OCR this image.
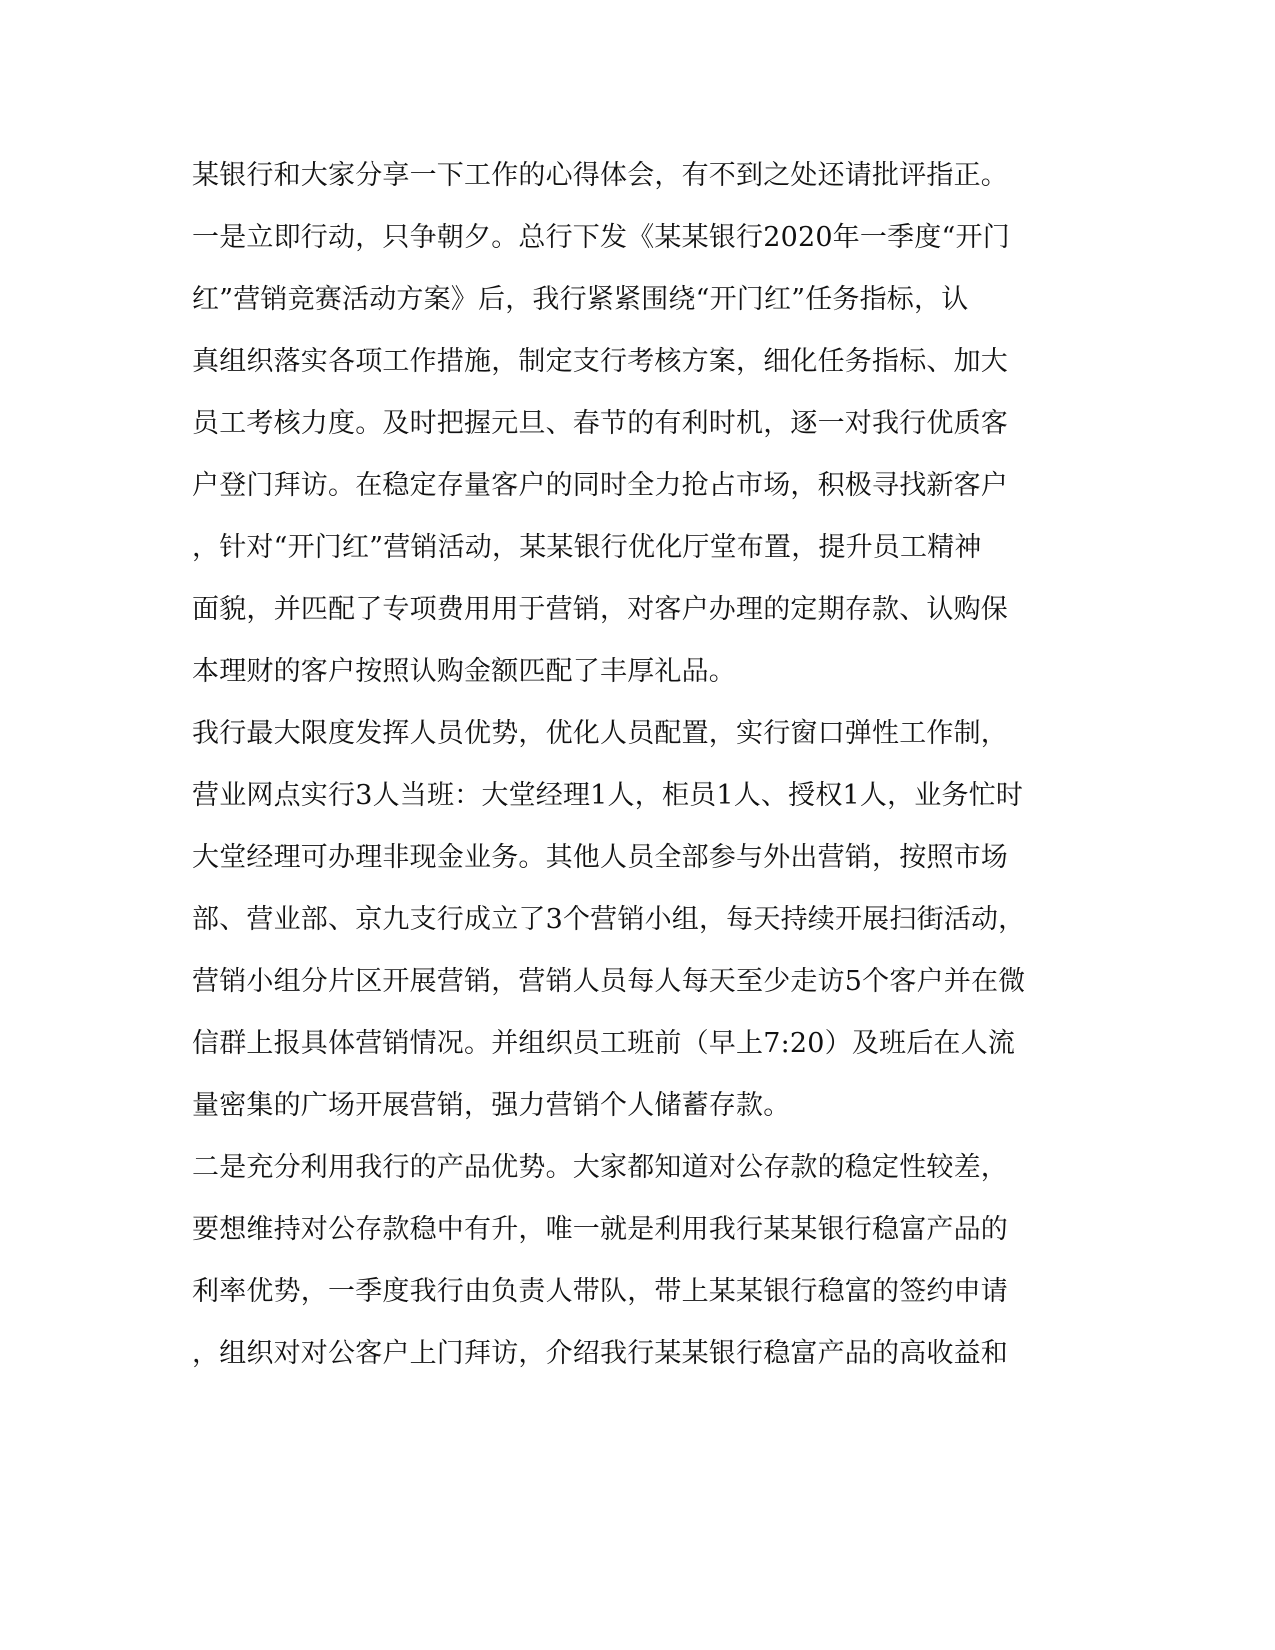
某银行和大家分享一下工作的心得体会，有不到之处还请批评指正。
一是立即行动，只争朝夕。总行下发《某某银行2020年一季度“开门
红”营销竞赛活动方案》后，我行紧紧围绕“开门红”任务指标，认
真组织落实各项工作措施，制定支行考核方案，细化任务指标、加大
员工考核力度。及时把握元旦、春节的有利时机，逐一对我行优质客
户登门拜访。在稳定存量客户的同时全力抢占市场，积极寻找新客户
，针对“开门红”营销活动，某某银行优化厅堂布置，提升员工精神
面貌，并匹配了专项费用用于营销，对客户办理的定期存款、认购保
本理财的客户按照认购金额匹配了丰厚礼品。
我行最大限度发挥人员优势，优化人员配置，实行窗口弹性工作制，
营业网点实行3人当班：大堂经理1人，柜员1人、授权1人，业务忙时
大堂经理可办理非现金业务。其他人员全部参与外出营销，按照市场
部、营业部、京九支行成立了3个营销小组，每天持续开展扫街活动，
营销小组分片区开展营销，营销人员每人每天至少走访5个客户并在微
信群上报具体营销情况。并组织员工班前（早上7:20）及班后在人流
量密集的广场开展营销，强力营销个人储蓄存款。
二是充分利用我行的产品优势。大家都知道对公存款的稳定性较差，
要想维持对公存款稳中有升，唯一就是利用我行某某银行稳富产品的
利率优势，一季度我行由负责人带队，带上某某银行稳富的签约申请
，组织对对公客户上门拜访，介绍我行某某银行稳富产品的高收益和
